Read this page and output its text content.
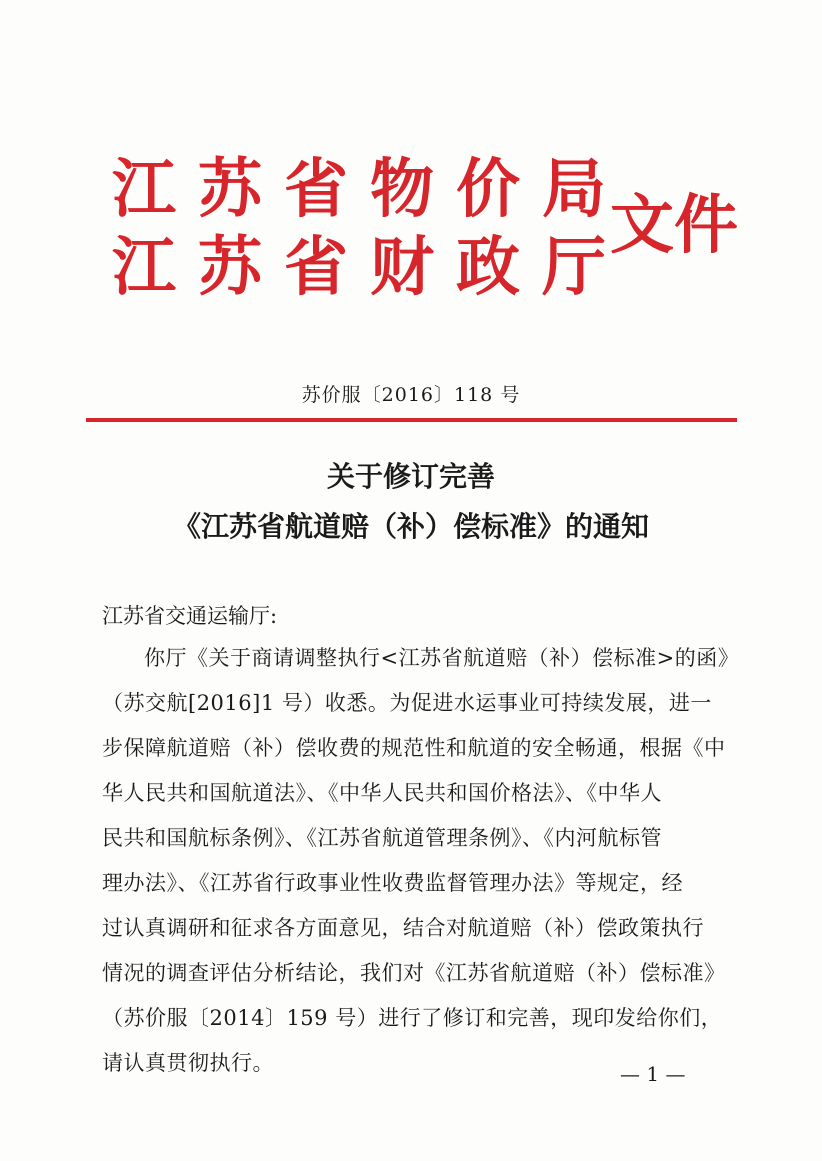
江苏省物价局
江苏省财政厅
文件
苏价服〔2016〕118 号
关于修订完善
《江苏省航道赔（补）偿标准》的通知
江苏省交通运输厅:
你厅《关于商请调整执行<江苏省航道赔（补）偿标准>的函》
（苏交航[2016]1 号）收悉。为促进水运事业可持续发展，进一
步保障航道赔（补）偿收费的规范性和航道的安全畅通，根据《中
华人民共和国航道法》、《中华人民共和国价格法》、《中华人
民共和国航标条例》、《江苏省航道管理条例》、《内河航标管
理办法》、《江苏省行政事业性收费监督管理办法》等规定，经
过认真调研和征求各方面意见，结合对航道赔（补）偿政策执行
情况的调查评估分析结论，我们对《江苏省航道赔（补）偿标准》
（苏价服〔2014〕159 号）进行了修订和完善，现印发给你们，
请认真贯彻执行。	— 1 —
